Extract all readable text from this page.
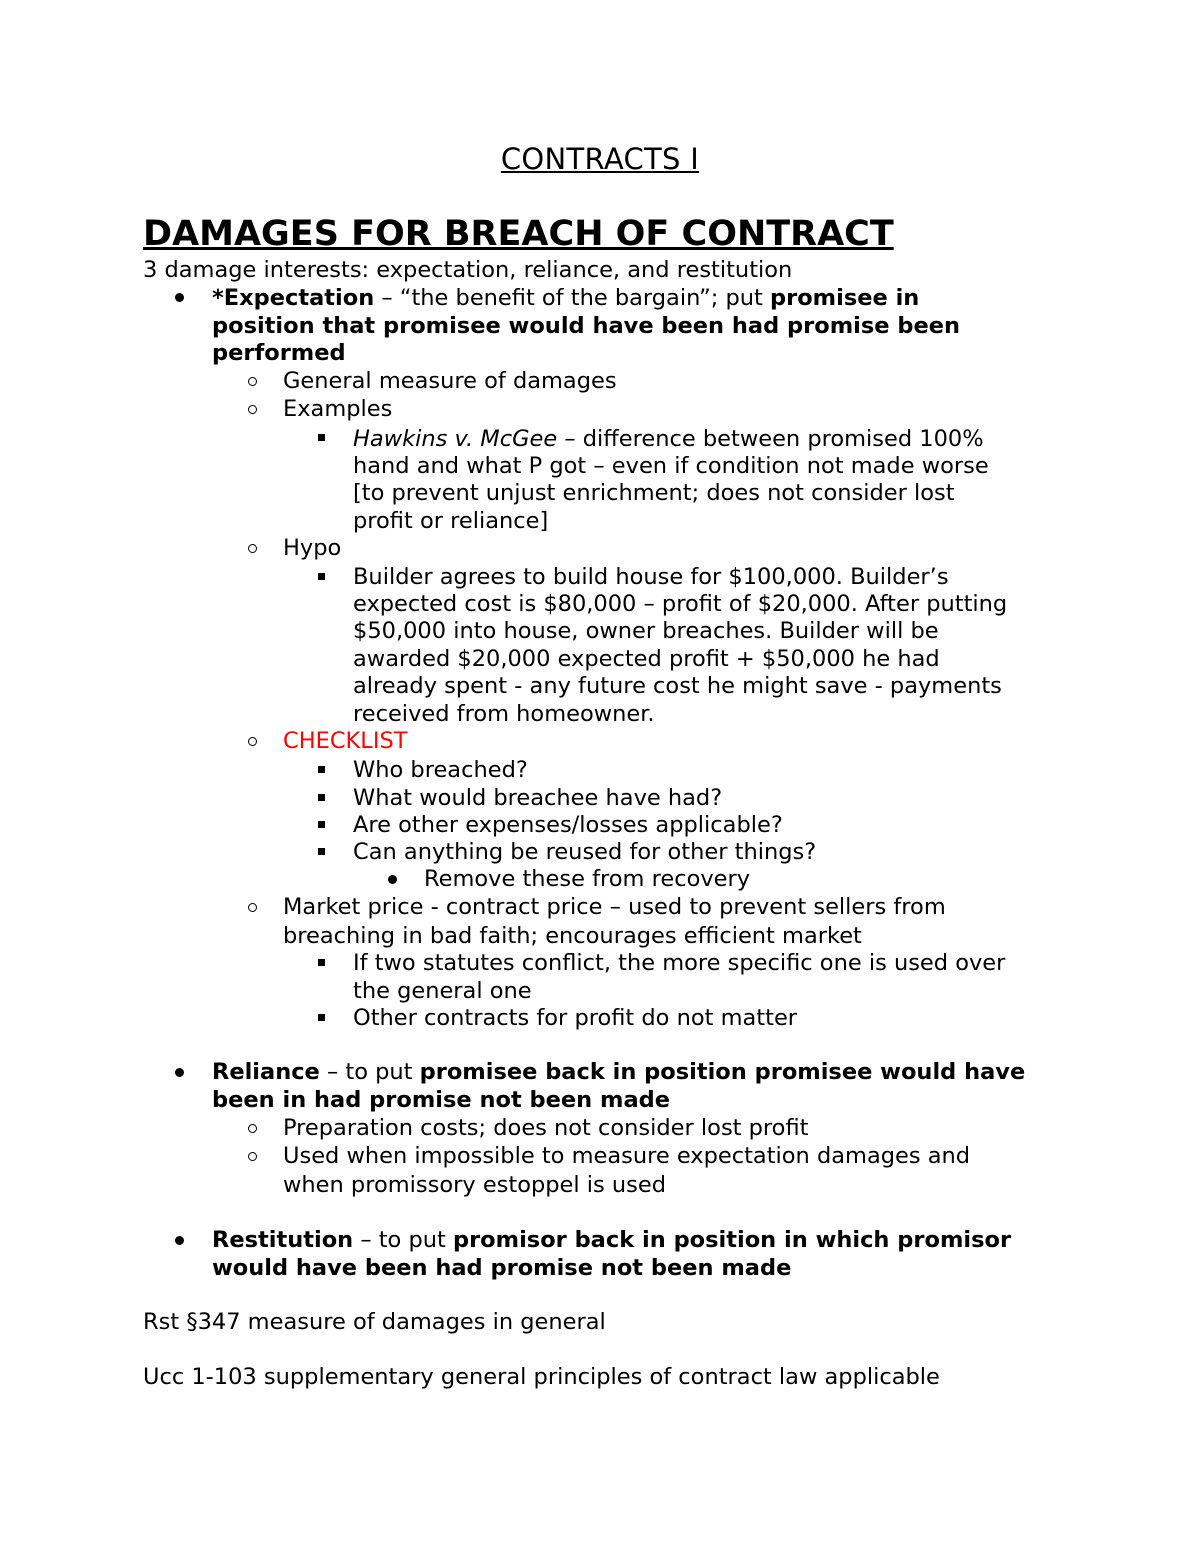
CONTRACTS I
DAMAGES FOR BREACH OF CONTRACT
3 damage interests: expectation, reliance, and restitution
*Expectation – “the benefit of the bargain”; put promisee in
position that promisee would have been had promise been
performed
General measure of damages
Examples
Hawkins v. McGee – difference between promised 100%
hand and what P got – even if condition not made worse
[to prevent unjust enrichment; does not consider lost
profit or reliance]
Hypo
Builder agrees to build house for $100,000. Builder’s
expected cost is $80,000 – profit of $20,000. After putting
$50,000 into house, owner breaches. Builder will be
awarded $20,000 expected profit + $50,000 he had
already spent - any future cost he might save - payments
received from homeowner.
CHECKLIST
Who breached?
What would breachee have had?
Are other expenses/losses applicable?
Can anything be reused for other things?
Remove these from recovery
Market price - contract price – used to prevent sellers from
breaching in bad faith; encourages efficient market
If two statutes conflict, the more specific one is used over
the general one
Other contracts for profit do not matter
Reliance – to put promisee back in position promisee would have
been in had promise not been made
Preparation costs; does not consider lost profit
Used when impossible to measure expectation damages and
when promissory estoppel is used
Restitution – to put promisor back in position in which promisor
would have been had promise not been made
Rst §347 measure of damages in general
Ucc 1-103 supplementary general principles of contract law applicable
